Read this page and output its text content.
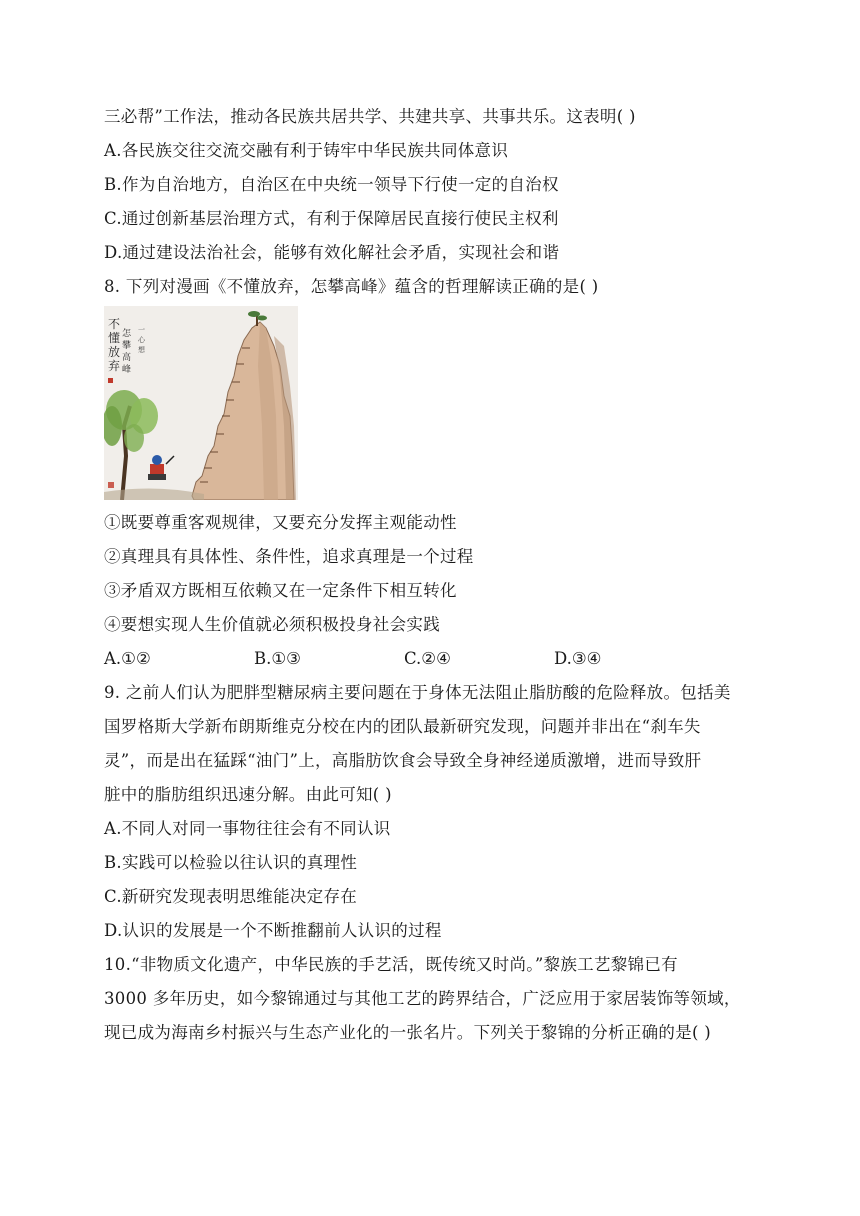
三必帮”工作法，推动各民族共居共学、共建共享、共事共乐。这表明( )
A.各民族交往交流交融有利于铸牢中华民族共同体意识
B.作为自治地方，自治区在中央统一领导下行使一定的自治权
C.通过创新基层治理方式，有利于保障居民直接行使民主权利
D.通过建设法治社会，能够有效化解社会矛盾，实现社会和谐
8. 下列对漫画《不懂放弃，怎攀高峰》蕴含的哲理解读正确的是( )
不
懂
放
弃
怎
攀
高
峰
一
心
想
①既要尊重客观规律，又要充分发挥主观能动性
②真理具有具体性、条件性，追求真理是一个过程
③矛盾双方既相互依赖又在一定条件下相互转化
④要想实现人生价值就必须积极投身社会实践
A.①②	B.①③	C.②④	D.③④
9. 之前人们认为肥胖型糖尿病主要问题在于身体无法阻止脂肪酸的危险释放。包括美
国罗格斯大学新布朗斯维克分校在内的团队最新研究发现，问题并非出在“刹车失
灵”，而是出在猛踩“油门”上，高脂肪饮食会导致全身神经递质激增，进而导致肝
脏中的脂肪组织迅速分解。由此可知( )
A.不同人对同一事物往往会有不同认识
B.实践可以检验以往认识的真理性
C.新研究发现表明思维能决定存在
D.认识的发展是一个不断推翻前人认识的过程
10.“非物质文化遗产，中华民族的手艺活，既传统又时尚。”黎族工艺黎锦已有
3000 多年历史，如今黎锦通过与其他工艺的跨界结合，广泛应用于家居装饰等领域，
现已成为海南乡村振兴与生态产业化的一张名片。下列关于黎锦的分析正确的是( )
